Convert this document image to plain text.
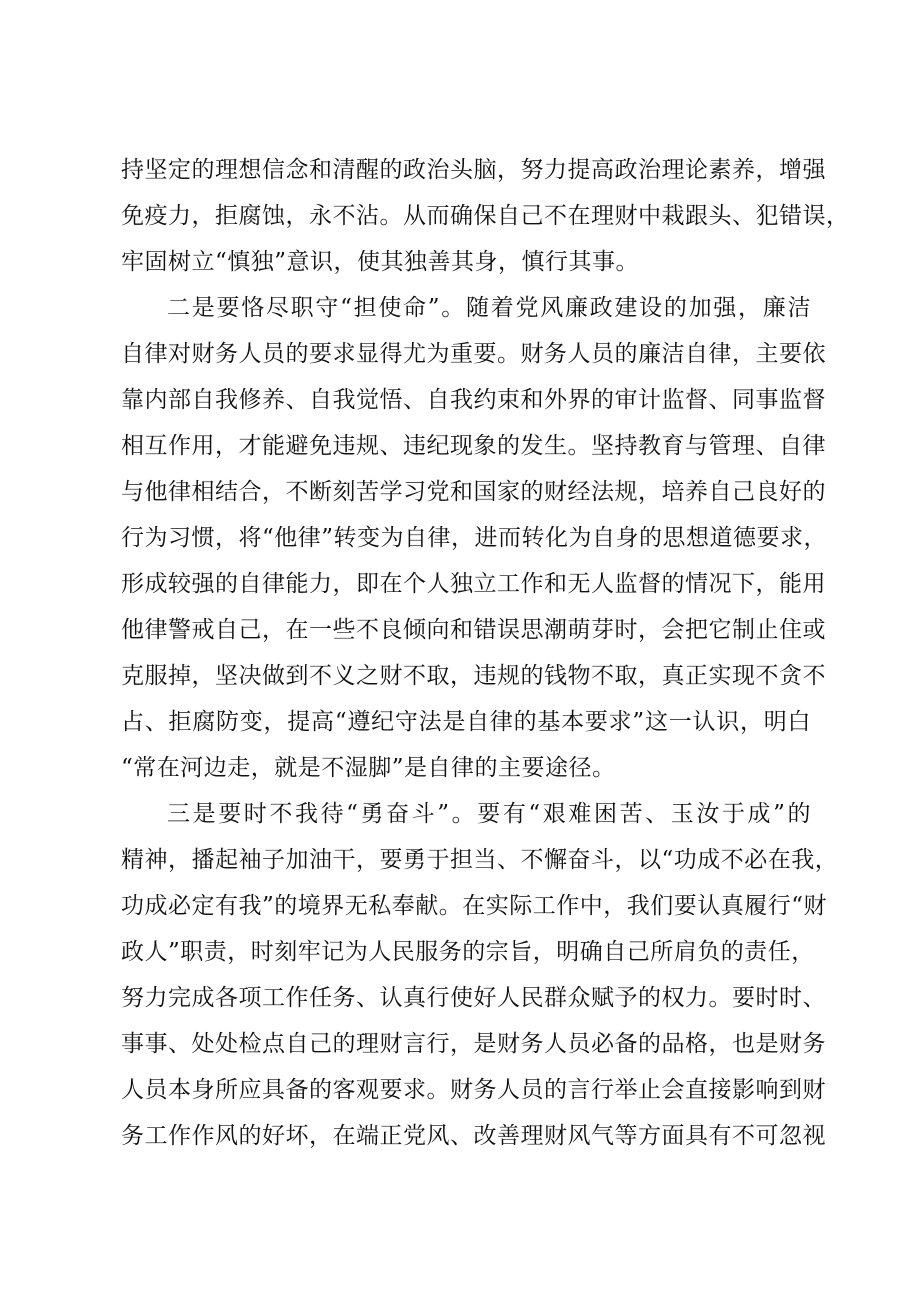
持坚定的理想信念和清醒的政治头脑，努力提高政治理论素养，增强
免疫力，拒腐蚀，永不沾。从而确保自己不在理财中栽跟头、犯错误，
牢固树立“慎独”意识，使其独善其身，慎行其事。
二是要恪尽职守“担使命”。随着党风廉政建设的加强，廉洁
自律对财务人员的要求显得尤为重要。财务人员的廉洁自律，主要依
靠内部自我修养、自我觉悟、自我约束和外界的审计监督、同事监督
相互作用，才能避免违规、违纪现象的发生。坚持教育与管理、自律
与他律相结合，不断刻苦学习党和国家的财经法规，培养自己良好的
行为习惯，将“他律”转变为自律，进而转化为自身的思想道德要求，
形成较强的自律能力，即在个人独立工作和无人监督的情况下，能用
他律警戒自己，在一些不良倾向和错误思潮萌芽时，会把它制止住或
克服掉，坚决做到不义之财不取，违规的钱物不取，真正实现不贪不
占、拒腐防变，提高“遵纪守法是自律的基本要求”这一认识，明白
“常在河边走，就是不湿脚”是自律的主要途径。
三是要时不我待“勇奋斗”。要有“艰难困苦、玉汝于成”的
精神，播起袖子加油干，要勇于担当、不懈奋斗，以“功成不必在我，
功成必定有我”的境界无私奉献。在实际工作中，我们要认真履行“财
政人”职责，时刻牢记为人民服务的宗旨，明确自己所肩负的责任，
努力完成各项工作任务、认真行使好人民群众赋予的权力。要时时、
事事、处处检点自己的理财言行，是财务人员必备的品格，也是财务
人员本身所应具备的客观要求。财务人员的言行举止会直接影响到财
务工作作风的好坏，在端正党风、改善理财风气等方面具有不可忽视
